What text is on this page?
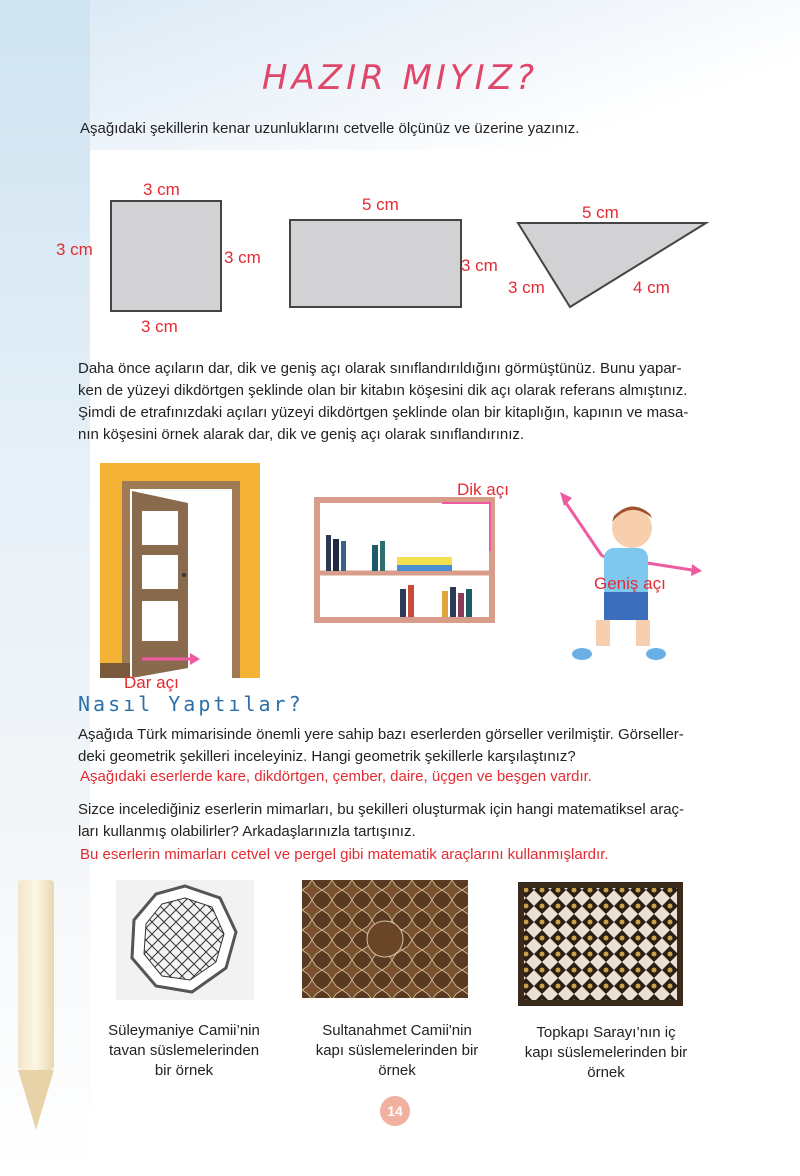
HAZIR MIYIZ?
Aşağıdaki şekillerin kenar uzunluklarını cetvelle ölçünüz ve üzerine yazınız.
3 cm
3 cm	3 cm
3 cm
5 cm
3 cm
5 cm
3 cm	4 cm
Daha önce açıların dar, dik ve geniş açı olarak sınıflandırıldığını görmüştünüz. Bunu yapar-
ken de yüzeyi dikdörtgen şeklinde olan bir kitabın köşesini dik açı olarak referans almıştınız.
Şimdi de etrafınızdaki açıları yüzeyi dikdörtgen şeklinde olan bir kitaplığın, kapının ve masa-
nın köşesini örnek alarak dar, dik ve geniş açı olarak sınıflandırınız.
Dar açı
Dik açı
Geniş açı
Nasıl Yaptılar?
Aşağıda Türk mimarisinde önemli yere sahip bazı eserlerden görseller verilmiştir. Görseller-
deki geometrik şekilleri inceleyiniz. Hangi geometrik şekillerle karşılaştınız?
Aşağıdaki eserlerde kare, dikdörtgen, çember, daire, üçgen ve beşgen vardır.
Sizce incelediğiniz eserlerin mimarları, bu şekilleri oluşturmak için hangi matematiksel araç-
ları kullanmış olabilirler? Arkadaşlarınızla tartışınız.
Bu eserlerin mimarları cetvel ve pergel gibi matematik araçlarını kullanmışlardır.
Süleymaniye Camii’nin
tavan süslemelerinden
bir örnek
Sultanahmet Camii'nin
kapı süslemelerinden bir
örnek
Topkapı Sarayı’nın iç
kapı süslemelerinden bir
örnek
14
